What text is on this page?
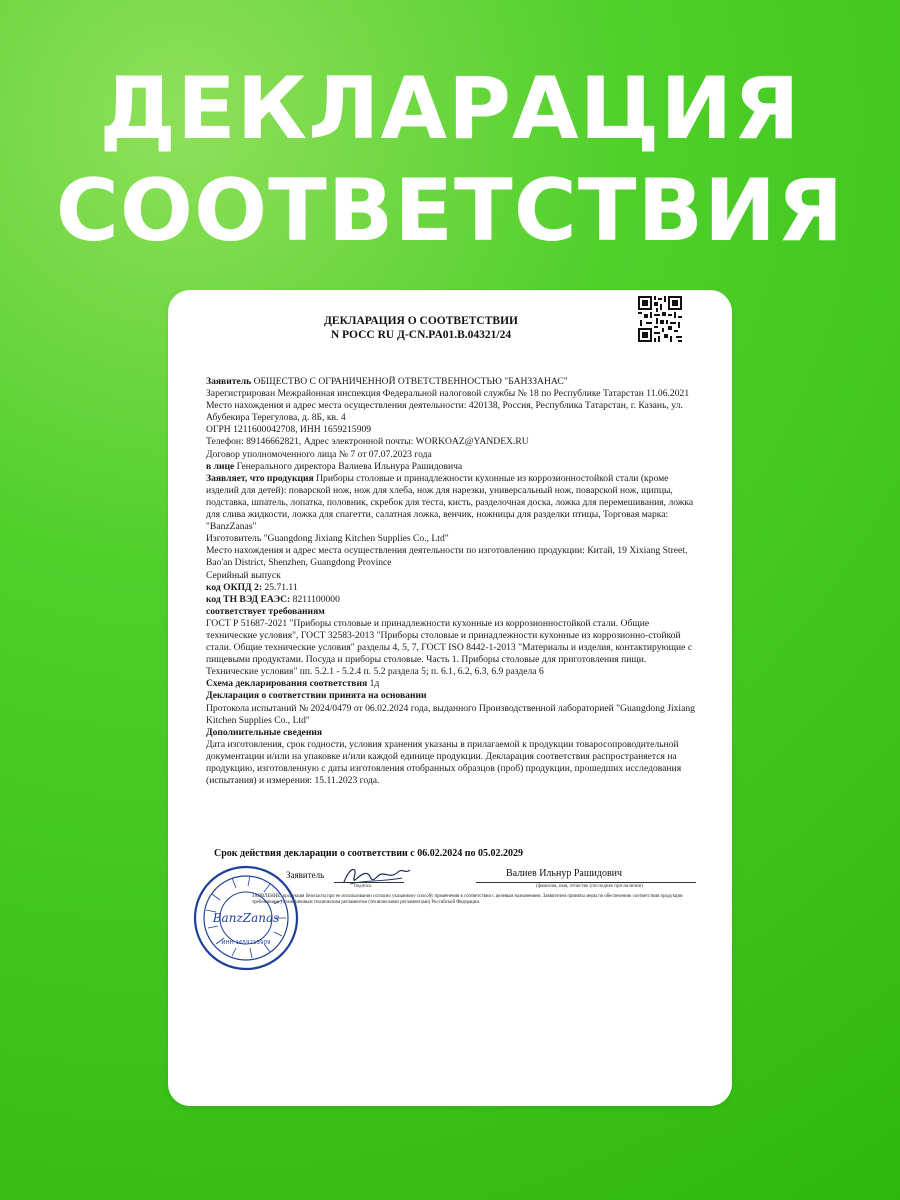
ДЕКЛАРАЦИЯ
СООТВЕТСТВИЯ
ДЕКЛАРАЦИЯ О СООТВЕТСТВИИ
N РОСС RU Д-CN.PA01.B.04321/24

Заявитель ОБЩЕСТВО С ОГРАНИЧЕННОЙ ОТВЕТСТВЕННОСТЬЮ "БАНЗЗАНАС"

Зарегистрирован Межрайонная инспекция Федеральной налоговой службы № 18 по Республике Татарстан 11.06.2021

Место нахождения и адрес места осуществления деятельности: 420138, Россия, Республика Татарстан, г. Казань, ул. Абубекира Терегулова, д. 8Б, кв. 4

ОГРН 1211600042708, ИНН 1659215909

Телефон: 89146662821, Адрес электронной почты: WORKOAZ@YANDEX.RU

Договор уполномоченного лица № 7 от 07.07.2023 года

в лице Генерального директора Валиева Ильнура Рашидовича

Заявляет, что продукция Приборы столовые и принадлежности кухонные из коррозионностойкой стали (кроме изделий для детей): поварской нож, нож для хлеба, нож для нарезки, универсальный нож, поварской нож, щипцы, подставка, шпатель, лопатка, половник, скребок для теста, кисть, разделочная доска, ложка для перемешивания, ложка для слива жидкости, ложка для спагетти, салатная ложка, венчик, ножницы для разделки птицы, Торговая марка: "BanzZanas"

Изготовитель "Guangdong Jixiang Kitchen Supplies Co., Ltd"

Место нахождения и адрес места осуществления деятельности по изготовлению продукции: Китай, 19 Xixiang Street, Bao'an District, Shenzhen, Guangdong Province

Серийный выпуск

код ОКПД 2: 25.71.11

код ТН ВЭД ЕАЭС: 8211100000

соответствует требованиям

ГОСТ Р 51687-2021 "Приборы столовые и принадлежности кухонные из коррозионностойкой стали. Общие технические условия", ГОСТ 32583-2013 "Приборы столовые и принадлежности кухонные из коррозионно-стойкой стали. Общие технические условия" разделы 4, 5, 7, ГОСТ ISO 8442-1-2013 "Материалы и изделия, контактирующие с пищевыми продуктами. Посуда и приборы столовые. Часть 1. Приборы столовые для приготовления пищи. Технические условия" пп. 5.2.1 - 5.2.4 п. 5.2 раздела 5; п. 6.1, 6.2, 6.3, 6.9 раздела 6

Схема декларирования соответствия 1д

Декларация о соответствии принята на основании

Протокола испытаний № 2024/0479 от 06.02.2024 года, выданного Производственной лабораторией "Guangdong Jixiang Kitchen Supplies Co., Ltd"

Дополнительные сведения

Дата изготовления, срок годности, условия хранения указаны в прилагаемой к продукции товаросопроводительной документации и/или на упаковке и/или каждой единице продукции. Декларация соответствия распространяется на продукцию, изготовленную с даты изготовления отобранных образцов (проб) продукции, прошедших исследования (испытания) и измерения: 15.11.2023 года.

Срок действия декларации о соответствии с 06.02.2024 по 05.02.2029
Заявитель
подпись
Валиев Ильнур Рашидович
(фамилия, имя, отчество (последнее при наличии)
ЗАЯВЛЕНИЕ: продукция безопасна при ее использовании согласно указанному способу применения в соответствии с целевым назначением. Заявителем приняты меры по обеспечению соответствия продукции требованиям, установленным техническим регламентом (техническими регламентами) Российской Федерации.
BanzZanas
ИНН 1659215909
